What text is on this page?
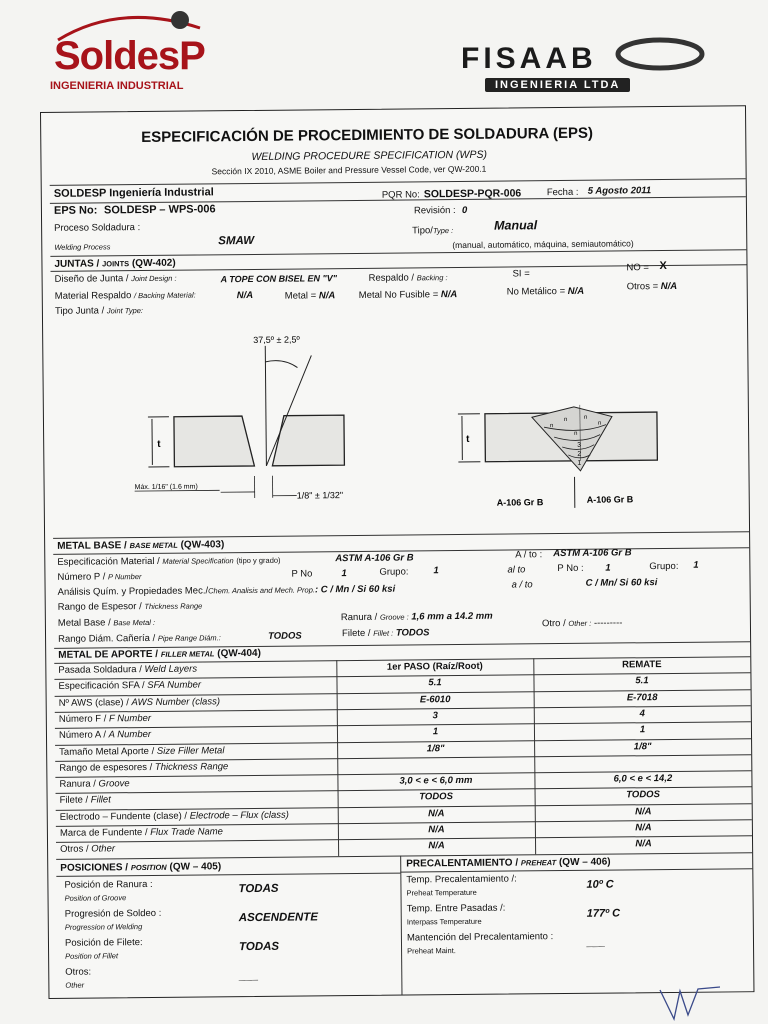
SoldesP
INGENIERIA INDUSTRIAL
FISAAB
INGENIERIA LTDA
ESPECIFICACIÓN DE PROCEDIMIENTO DE SOLDADURA (EPS)
WELDING PROCEDURE SPECIFICATION (WPS)
Sección IX 2010, ASME Boiler and Pressure Vessel Code, ver QW-200.1
SOLDESP Ingeniería Industrial	PQR No: SOLDESP-PQR-006	Fecha : 5 Agosto 2011
EPS No: SOLDESP – WPS-006	Revisión : 0
Proceso Soldadura :
Welding Process	SMAW
Tipo/Type :	Manual
(manual, automático, máquina, semiautomático)
JUNTAS / JOINTS (QW-402)
Diseño de Junta / Joint Design :	A TOPE CON BISEL EN "V"	Respaldo / Backing :	SI =
NO = X
Material Respaldo / Backing Material:	N/A	Metal = N/A Metal No Fusible = N/A	No Metálico = N/A	Otros = N/A
Tipo Junta / Joint Type:
37,5º ± 2,5º
t
Máx. 1/16" (1.6 mm)
1/8" ± 1/32"
1
2
3
n
n	n
n
n
t
A-106 Gr B	A-106 Gr B
METAL BASE / BASE METAL (QW-403)
Especificación Material / Material Specification (tipo y grado)	ASTM A-106 Gr B	A / to : ASTM A-106 Gr B
Número P / P Number	P No	1	Grupo:	1	al to	P No : 1	Grupo: 1
Análisis Quím. y Propiedades Mec./Chem. Analisis and Mech. Prop.: C / Mn / Si 60 ksi	a / to	C / Mn/ Si 60 ksi
Rango de Espesor / Thickness Range
Metal Base / Base Metal :	Ranura / Groove : 1,6 mm a 14.2 mm
Otro / Other : ---------
Rango Diám. Cañería / Pipe Range Diám.:	TODOS	Filete / Fillet : TODOS
METAL DE APORTE / FILLER METAL (QW-404)
Pasada Soldadura / Weld Layers	1er PASO (Raíz/Root)	REMATE
Especificación SFA / SFA Number	5.1	5.1
Nº AWS (clase) / AWS Number (class)	E-6010	E-7018
Número F / F Number	3	4
Número A / A Number	1	1
Tamaño Metal Aporte / Size Filler Metal	1/8"	1/8"
Rango de espesores / Thickness Range
Ranura / Groove	3,0 < e < 6,0 mm	6,0 < e < 14,2
Filete / Fillet	TODOS	TODOS
Electrodo – Fundente (clase) / Electrode – Flux (class)	N/A	N/A
Marca de Fundente / Flux Trade Name	N/A	N/A
Otros / Other	N/A	N/A
POSICIONES / POSITION (QW – 405)	PRECALENTAMIENTO / PREHEAT (QW – 406)
Posición de Ranura :
Position of Groove
TODAS
Progresión de Soldeo :
Progression of Welding
ASCENDENTE
Posición de Filete:
Position of Fillet
TODAS
Otros:
Other
___
Temp. Precalentamiento /:
Preheat Temperature
10º C
Temp. Entre Pasadas /:
Interpass Temperature
177º C
Mantención del Precalentamiento :
Preheat Maint.
___
